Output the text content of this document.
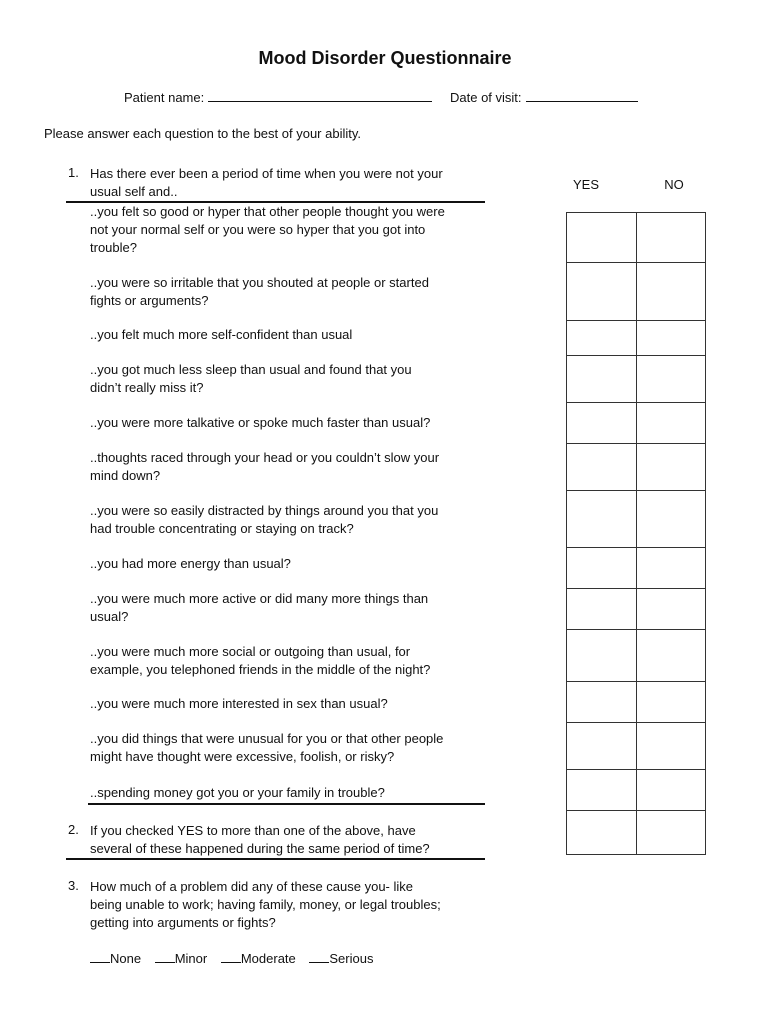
Mood Disorder Questionnaire
Patient name:	Date of visit:
Please answer each question to the best of your ability.
1. Has there ever been a period of time when you were not your
usual self and..	YES	NO
..you felt so good or hyper that other people thought you were
not your normal self or you were so hyper that you got into
trouble?
..you were so irritable that you shouted at people or started
fights or arguments?
..you felt much more self-confident than usual
..you got much less sleep than usual and found that you
didn’t really miss it?
..you were more talkative or spoke much faster than usual?
..thoughts raced through your head or you couldn’t slow your
mind down?
..you were so easily distracted by things around you that you
had trouble concentrating or staying on track?
..you had more energy than usual?
..you were much more active or did many more things than
usual?
..you were much more social or outgoing than usual, for
example, you telephoned friends in the middle of the night?
..you were much more interested in sex than usual?
..you did things that were unusual for you or that other people
might have thought were excessive, foolish, or risky?
..spending money got you or your family in trouble?
2. If you checked YES to more than one of the above, have
several of these happened during the same period of time?
3. How much of a problem did any of these cause you- like
being unable to work; having family, money, or legal troubles;
getting into arguments or fights?
None	Minor	Moderate	Serious
